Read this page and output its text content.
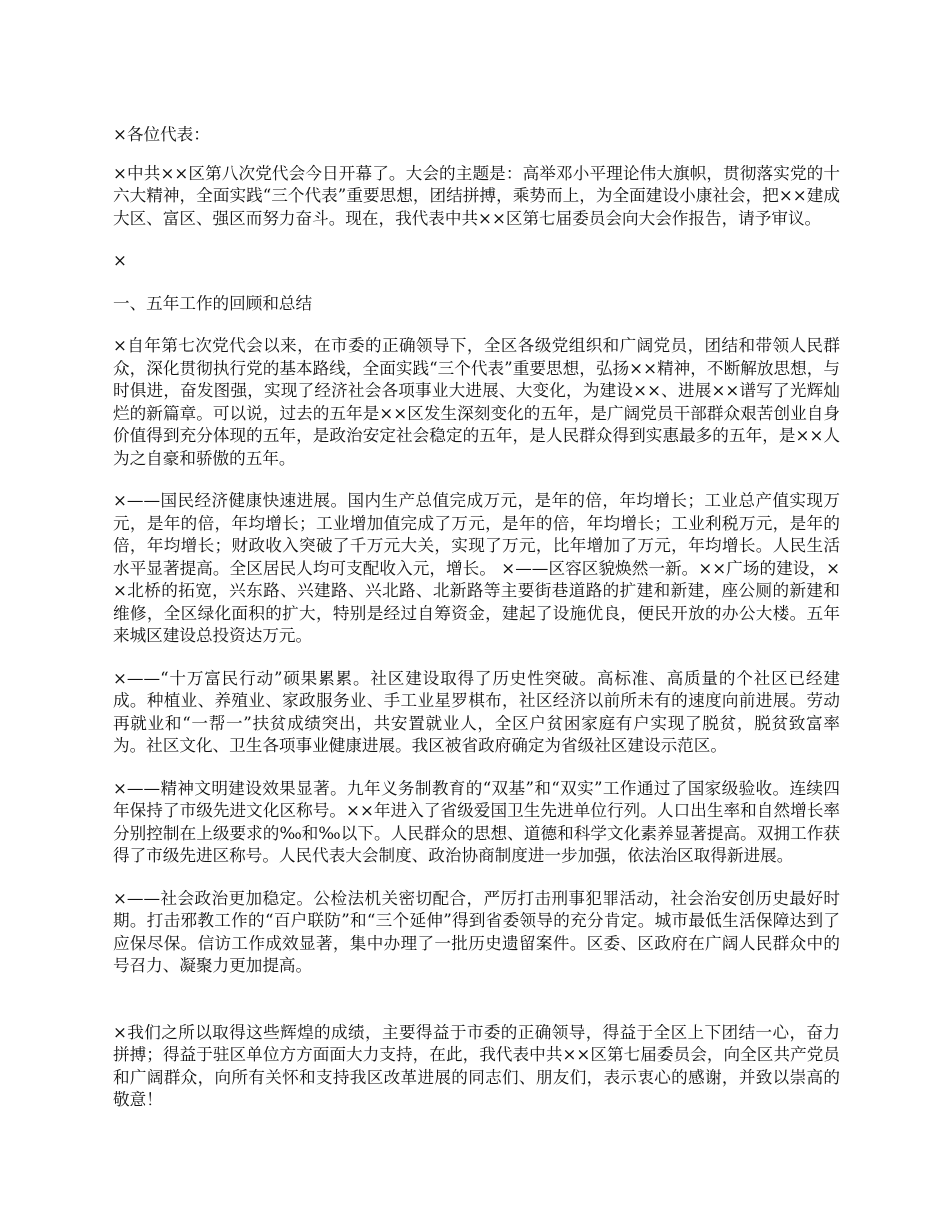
×各位代表：

×中共××区第八次党代会今日开幕了。大会的主题是：高举邓小平理论伟大旗帜，贯彻落实党的十六大精神，全面实践“三个代表”重要思想，团结拼搏，乘势而上，为全面建设小康社会，把××建成大区、富区、强区而努力奋斗。现在，我代表中共××区第七届委员会向大会作报告，请予审议。

×

一、五年工作的回顾和总结

×自年第七次党代会以来，在市委的正确领导下，全区各级党组织和广阔党员，团结和带领人民群众，深化贯彻执行党的基本路线，全面实践“三个代表”重要思想，弘扬××精神，不断解放思想，与时俱进，奋发图强，实现了经济社会各项事业大进展、大变化，为建设××、进展××谱写了光辉灿烂的新篇章。可以说，过去的五年是××区发生深刻变化的五年，是广阔党员干部群众艰苦创业自身价值得到充分体现的五年，是政治安定社会稳定的五年，是人民群众得到实惠最多的五年，是××人为之自豪和骄傲的五年。

×——国民经济健康快速进展。国内生产总值完成万元，是年的倍，年均增长；工业总产值实现万元，是年的倍，年均增长；工业增加值完成了万元，是年的倍，年均增长；工业利税万元，是年的倍，年均增长；财政收入突破了千万元大关，实现了万元，比年增加了万元，年均增长。人民生活水平显著提高。全区居民人均可支配收入元，增长。 ×——区容区貌焕然一新。××广场的建设，××北桥的拓宽，兴东路、兴建路、兴北路、北新路等主要街巷道路的扩建和新建，座公厕的新建和维修，全区绿化面积的扩大，特别是经过自筹资金，建起了设施优良，便民开放的办公大楼。五年来城区建设总投资达万元。

×——“十万富民行动”硕果累累。社区建设取得了历史性突破。高标准、高质量的个社区已经建成。种植业、养殖业、家政服务业、手工业星罗棋布，社区经济以前所未有的速度向前进展。劳动再就业和“一帮一”扶贫成绩突出，共安置就业人，全区户贫困家庭有户实现了脱贫，脱贫致富率为。社区文化、卫生各项事业健康进展。我区被省政府确定为省级社区建设示范区。

×——精神文明建设效果显著。九年义务制教育的“双基”和“双实”工作通过了国家级验收。连续四年保持了市级先进文化区称号。××年进入了省级爱国卫生先进单位行列。人口出生率和自然增长率分别控制在上级要求的‰和‰以下。人民群众的思想、道德和科学文化素养显著提高。双拥工作获得了市级先进区称号。人民代表大会制度、政治协商制度进一步加强，依法治区取得新进展。

×——社会政治更加稳定。公检法机关密切配合，严厉打击刑事犯罪活动，社会治安创历史最好时期。打击邪教工作的“百户联防”和“三个延伸”得到省委领导的充分肯定。城市最低生活保障达到了应保尽保。信访工作成效显著，集中办理了一批历史遗留案件。区委、区政府在广阔人民群众中的号召力、凝聚力更加提高。

×我们之所以取得这些辉煌的成绩，主要得益于市委的正确领导，得益于全区上下团结一心，奋力拼搏；得益于驻区单位方方面面大力支持，在此，我代表中共××区第七届委员会，向全区共产党员和广阔群众，向所有关怀和支持我区改革进展的同志们、朋友们，表示衷心的感谢，并致以崇高的敬意！
